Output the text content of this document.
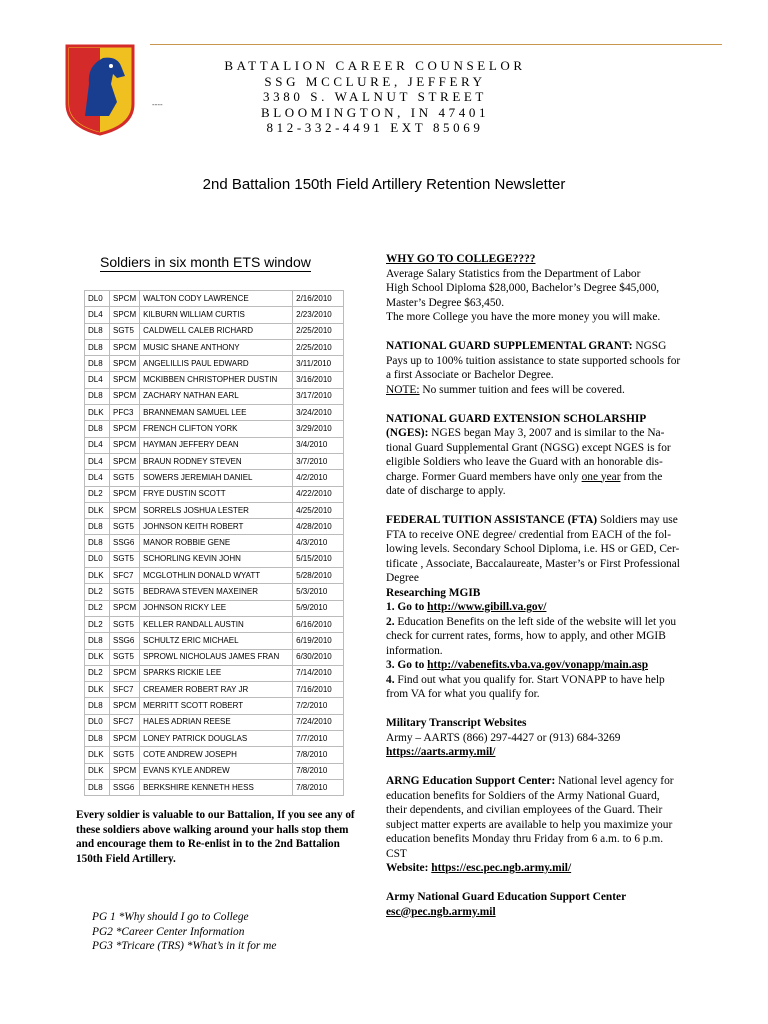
----
BATTALION CAREER COUNSELOR
SSG MCCLURE, JEFFERY
3380 S. WALNUT STREET
BLOOMINGTON, IN 47401
812-332-4491 EXT 85069
2nd Battalion 150th Field Artillery Retention Newsletter
Soldiers in six month ETS window
DL0	SPCM	WALTON CODY LAWRENCE	2/16/2010
DL4	SPCM	KILBURN WILLIAM CURTIS	2/23/2010
DL8	SGT5	CALDWELL CALEB RICHARD	2/25/2010
DL8	SPCM	MUSIC SHANE ANTHONY	2/25/2010
DL8	SPCM	ANGELILLIS PAUL EDWARD	3/11/2010
DL4	SPCM	MCKIBBEN CHRISTOPHER DUSTIN	3/16/2010
DL8	SPCM	ZACHARY NATHAN EARL	3/17/2010
DLK	PFC3	BRANNEMAN SAMUEL LEE	3/24/2010
DL8	SPCM	FRENCH CLIFTON YORK	3/29/2010
DL4	SPCM	HAYMAN JEFFERY DEAN	3/4/2010
DL4	SPCM	BRAUN RODNEY STEVEN	3/7/2010
DL4	SGT5	SOWERS JEREMIAH DANIEL	4/2/2010
DL2	SPCM	FRYE DUSTIN SCOTT	4/22/2010
DLK	SPCM	SORRELS JOSHUA LESTER	4/25/2010
DL8	SGT5	JOHNSON KEITH ROBERT	4/28/2010
DL8	SSG6	MANOR ROBBIE GENE	4/3/2010
DL0	SGT5	SCHORLING KEVIN JOHN	5/15/2010
DLK	SFC7	MCGLOTHLIN DONALD WYATT	5/28/2010
DL2	SGT5	BEDRAVA STEVEN MAXEINER	5/3/2010
DL2	SPCM	JOHNSON RICKY LEE	5/9/2010
DL2	SGT5	KELLER RANDALL AUSTIN	6/16/2010
DL8	SSG6	SCHULTZ ERIC MICHAEL	6/19/2010
DLK	SGT5	SPROWL NICHOLAUS JAMES FRAN	6/30/2010
DL2	SPCM	SPARKS RICKIE LEE	7/14/2010
DLK	SFC7	CREAMER ROBERT RAY JR	7/16/2010
DL8	SPCM	MERRITT SCOTT ROBERT	7/2/2010
DL0	SFC7	HALES ADRIAN REESE	7/24/2010
DL8	SPCM	LONEY PATRICK DOUGLAS	7/7/2010
DLK	SGT5	COTE ANDREW JOSEPH	7/8/2010
DLK	SPCM	EVANS KYLE ANDREW	7/8/2010
DL8	SSG6	BERKSHIRE KENNETH HESS	7/8/2010
Every soldier is valuable to our Battalion, If you see any of these soldiers above walking around your halls stop them and encourage them to Re-enlist in to the 2nd Battalion 150th Field Artillery.
PG 1 *Why should I go to College
PG2 *Career Center Information
PG3 *Tricare (TRS) *What’s in it for me

WHY GO TO COLLEGE????

Average Salary Statistics from the Department of Labor

High School Diploma $28,000, Bachelor’s Degree $45,000,

Master’s Degree $63,450.

The more College you have the more money you will make.

NATIONAL GUARD SUPPLEMENTAL GRANT: NGSG

Pays up to 100% tuition assistance to state supported schools for

a first Associate or Bachelor Degree.

NOTE: No summer tuition and fees will be covered.

NATIONAL GUARD EXTENSION SCHOLARSHIP

(NGES): NGES began May 3, 2007 and is similar to the Na-

tional Guard Supplemental Grant (NGSG) except NGES is for

eligible Soldiers who leave the Guard with an honorable dis-

charge. Former Guard members have only one year from the

date of discharge to apply.

FEDERAL TUITION ASSISTANCE (FTA) Soldiers may use

FTA to receive ONE degree/ credential from EACH of the fol-

lowing levels. Secondary School Diploma, i.e. HS or GED, Cer-

tificate , Associate, Baccalaureate, Master’s or First Professional

Degree

Researching MGIB

1. Go to http://www.gibill.va.gov/

2. Education Benefits on the left side of the website will let you

check for current rates, forms, how to apply, and other MGIB

information.

3. Go to http://vabenefits.vba.va.gov/vonapp/main.asp

4. Find out what you qualify for. Start VONAPP to have help

from VA for what you qualify for.

Military Transcript Websites

Army – AARTS (866) 297-4427 or (913) 684-3269

https://aarts.army.mil/

ARNG Education Support Center: National level agency for

education benefits for Soldiers of the Army National Guard,

their dependents, and civilian employees of the Guard. Their

subject matter experts are available to help you maximize your

education benefits Monday thru Friday from 6 a.m. to 6 p.m.

CST

Website: https://esc.pec.ngb.army.mil/

Army National Guard Education Support Center

esc@pec.ngb.army.mil
